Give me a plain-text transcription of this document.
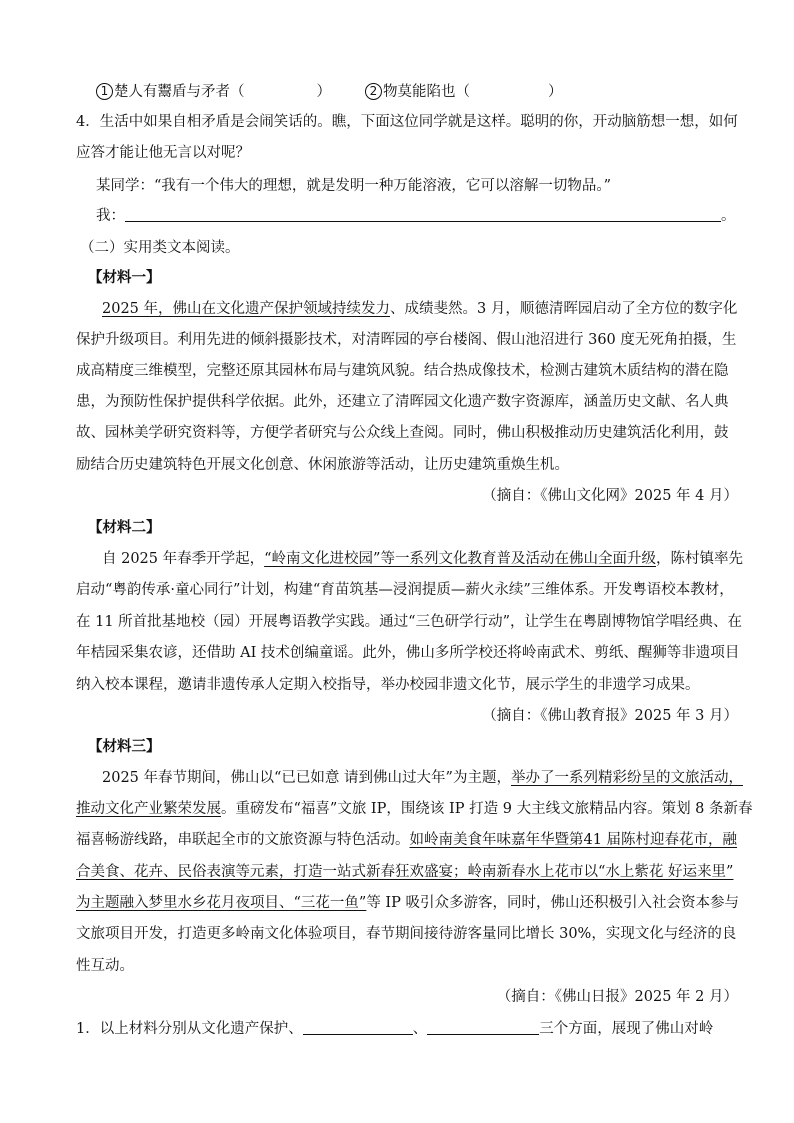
1 楚人有鬻盾与矛者（	）	2 物莫能陷也（	）
4．生活中如果自相矛盾是会闹笑话的。瞧，下面这位同学就是这样。聪明的你，开动脑筋想一想，如何
应答才能让他无言以对呢？
某同学：“我有一个伟大的理想，就是发明一种万能溶液，它可以溶解一切物品。”
我：	。
（二）实用类文本阅读。
【材料一】
2025 年，佛山在文化遗产保护领域持续发力、成绩斐然。3 月，顺德清晖园启动了全方位的数字化
保护升级项目。利用先进的倾斜摄影技术，对清晖园的亭台楼阁、假山池沼进行 360 度无死角拍摄，生
成高精度三维模型，完整还原其园林布局与建筑风貌。结合热成像技术，检测古建筑木质结构的潜在隐
患，为预防性保护提供科学依据。此外，还建立了清晖园文化遗产数字资源库，涵盖历史文献、名人典
故、园林美学研究资料等，方便学者研究与公众线上查阅。同时，佛山积极推动历史建筑活化利用，鼓
励结合历史建筑特色开展文化创意、休闲旅游等活动，让历史建筑重焕生机。
（摘自：《佛山文化网》2025 年 4 月）
【材料二】
自 2025 年春季开学起，“岭南文化进校园”等一系列文化教育普及活动在佛山全面升级，陈村镇率先
启动“粤韵传承·童心同行”计划，构建“育苗筑基—浸润提质—薪火永续”三维体系。开发粤语校本教材，
在 11 所首批基地校（园）开展粤语教学实践。通过“三色研学行动”，让学生在粤剧博物馆学唱经典、在
年桔园采集农谚，还借助 AI 技术创编童谣。此外，佛山多所学校还将岭南武术、剪纸、醒狮等非遗项目
纳入校本课程，邀请非遗传承人定期入校指导，举办校园非遗文化节，展示学生的非遗学习成果。
（摘自：《佛山教育报》2025 年 3 月）
【材料三】
2025 年春节期间，佛山以“已已如意 请到佛山过大年”为主题，举办了一系列精彩纷呈的文旅活动，
推动文化产业繁荣发展。重磅发布“福喜”文旅 IP，围绕该 IP 打造 9 大主线文旅精品内容。策划 8 条新春
福喜畅游线路，串联起全市的文旅资源与特色活动。如岭南美食年味嘉年华暨第41 届陈村迎春花市，融
合美食、花卉、民俗表演等元素，打造一站式新春狂欢盛宴；岭南新春水上花市以“水上紫花 好运来里”
为主题融入梦里水乡花月夜项目、“三花一鱼”等 IP 吸引众多游客，同时，佛山还积极引入社会资本参与
文旅项目开发，打造更多岭南文化体验项目，春节期间接待游客量同比增长 30%，实现文化与经济的良
性互动。
（摘自：《佛山日报》2025 年 2 月）
1．以上材料分别从文化遗产保护、	、	三个方面，展现了佛山对岭
